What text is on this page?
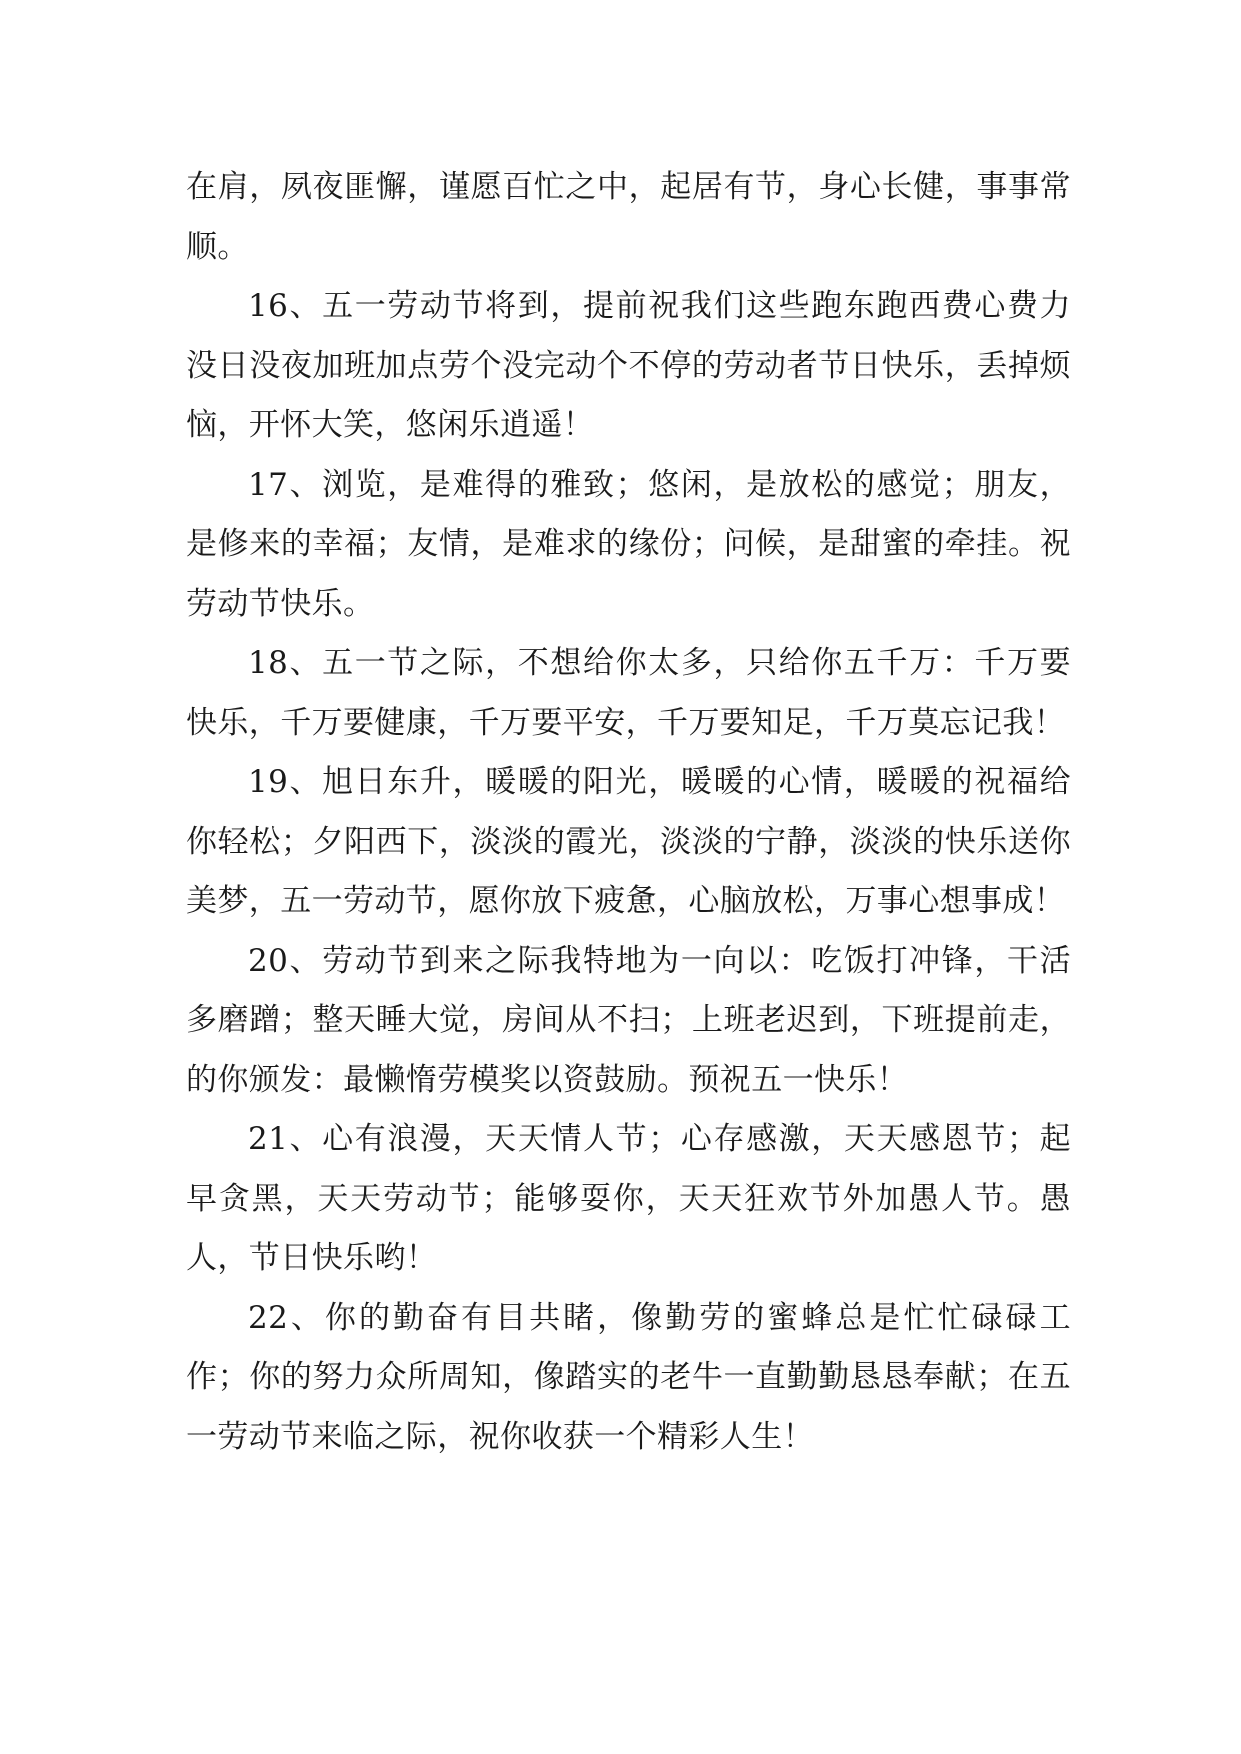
在肩，夙夜匪懈，谨愿百忙之中，起居有节，身心长健，事事常顺。

16、五一劳动节将到，提前祝我们这些跑东跑西费心费力没日没夜加班加点劳个没完动个不停的劳动者节日快乐，丢掉烦恼，开怀大笑，悠闲乐逍遥！

17、浏览，是难得的雅致；悠闲，是放松的感觉；朋友，是修来的幸福；友情，是难求的缘份；问候，是甜蜜的牵挂。祝劳动节快乐。

18、五一节之际，不想给你太多，只给你五千万：千万要快乐，千万要健康，千万要平安，千万要知足，千万莫忘记我！

19、旭日东升，暖暖的阳光，暖暖的心情，暖暖的祝福给你轻松；夕阳西下，淡淡的霞光，淡淡的宁静，淡淡的快乐送你美梦，五一劳动节，愿你放下疲惫，心脑放松，万事心想事成！

20、劳动节到来之际我特地为一向以：吃饭打冲锋，干活多磨蹭；整天睡大觉，房间从不扫；上班老迟到，下班提前走，的你颁发：最懒惰劳模奖以资鼓励。预祝五一快乐！

21、心有浪漫，天天情人节；心存感激，天天感恩节；起早贪黑，天天劳动节；能够耍你，天天狂欢节外加愚人节。愚人，节日快乐哟！

22、你的勤奋有目共睹，像勤劳的蜜蜂总是忙忙碌碌工作；你的努力众所周知，像踏实的老牛一直勤勤恳恳奉献；在五一劳动节来临之际，祝你收获一个精彩人生！
